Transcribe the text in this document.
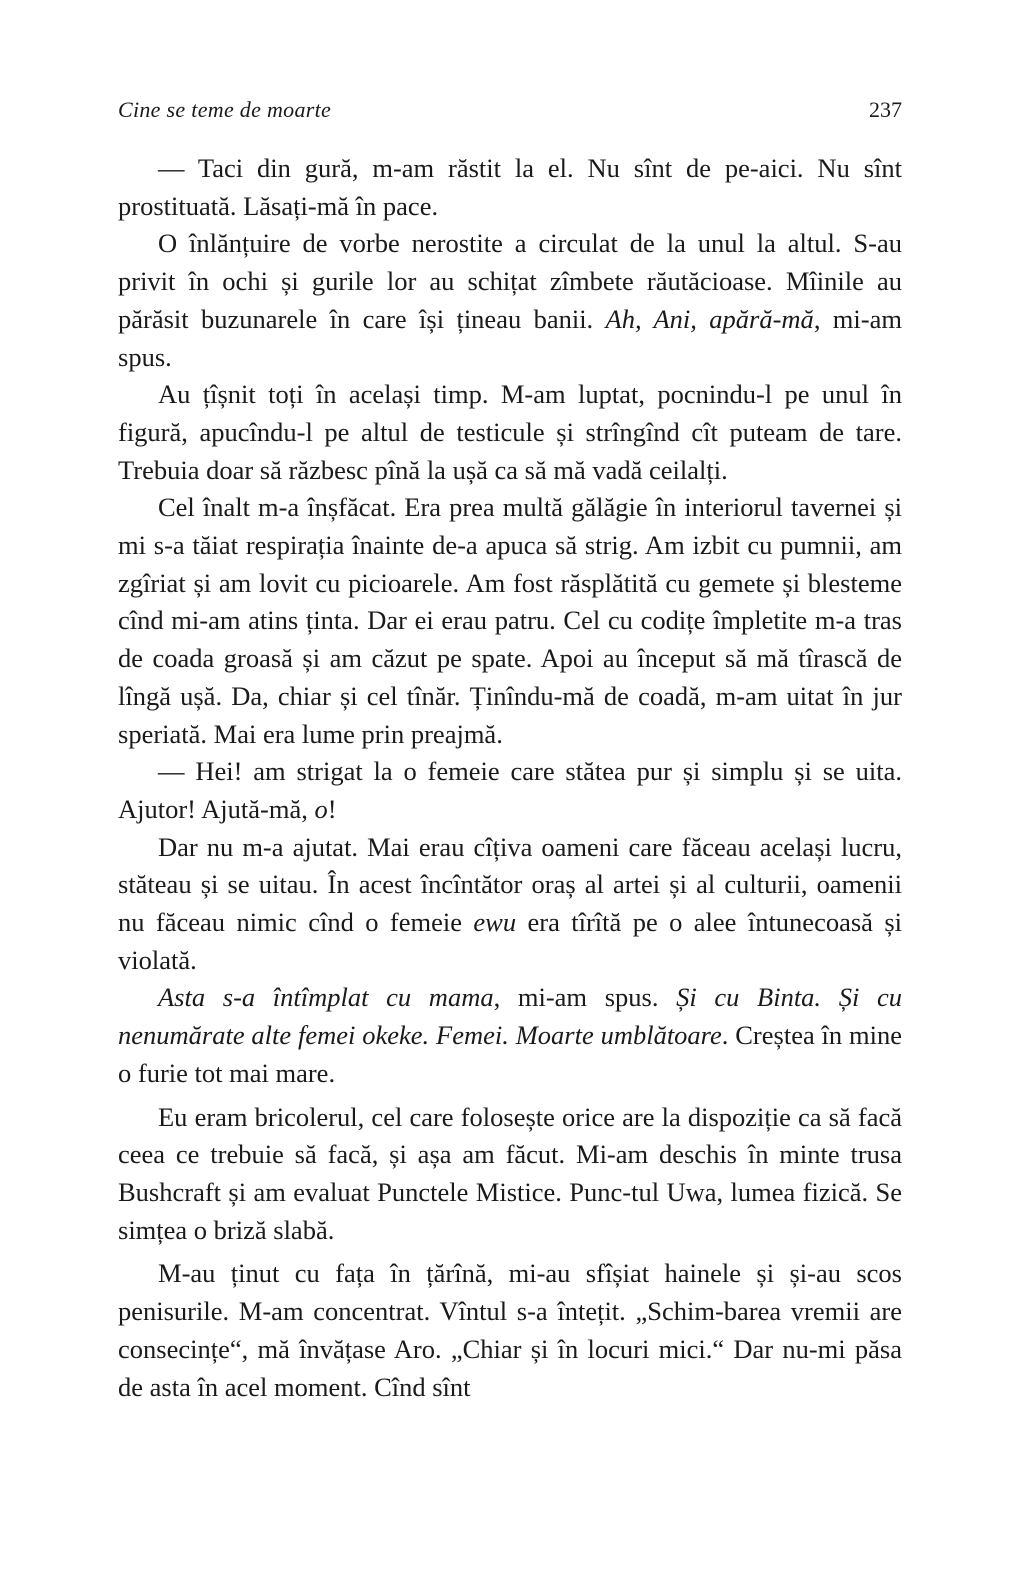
Cine se teme de moarte	237

— Taci din gură, m-am răstit la el. Nu sînt de pe-aici. Nu sînt prostituată. Lăsați-mă în pace.

O înlănțuire de vorbe nerostite a circulat de la unul la altul. S-au privit în ochi și gurile lor au schițat zîmbete răutăcioase. Mîinile au părăsit buzunarele în care își țineau banii. Ah, Ani, apără-mă, mi-am spus.

Au țîșnit toți în același timp. M-am luptat, pocnindu-l pe unul în figură, apucîndu-l pe altul de testicule și strîngînd cît puteam de tare. Trebuia doar să răzbesc pînă la ușă ca să mă vadă ceilalți.

Cel înalt m-a înșfăcat. Era prea multă gălăgie în interiorul tavernei și mi s-a tăiat respirația înainte de-a apuca să strig. Am izbit cu pumnii, am zgîriat și am lovit cu picioarele. Am fost răsplătită cu gemete și blesteme cînd mi-am atins ținta. Dar ei erau patru. Cel cu codițe împletite m-a tras de coada groasă și am căzut pe spate. Apoi au început să mă tîrască de lîngă ușă. Da, chiar și cel tînăr. Ținîndu-mă de coadă, m-am uitat în jur speriată. Mai era lume prin preajmă.

— Hei! am strigat la o femeie care stătea pur și simplu și se uita. Ajutor! Ajută-mă, o!

Dar nu m-a ajutat. Mai erau cîțiva oameni care făceau același lucru, stăteau și se uitau. În acest încîntător oraș al artei și al culturii, oamenii nu făceau nimic cînd o femeie ewu era tîrîtă pe o alee întunecoasă și violată.

Asta s-a întîmplat cu mama, mi-am spus. Și cu Binta. Și cu nenumărate alte femei okeke. Femei. Moarte umblătoare. Creștea în mine o furie tot mai mare.

Eu eram bricolerul, cel care folosește orice are la dispoziție ca să facă ceea ce trebuie să facă, și așa am făcut. Mi-am deschis în minte trusa Bushcraft și am evaluat Punctele Mistice. Punc-tul Uwa, lumea fizică. Se simțea o briză slabă.

M-au ținut cu fața în țărînă, mi-au sfîșiat hainele și și-au scos penisurile. M-am concentrat. Vîntul s-a întețit. „Schim-barea vremii are consecințe“, mă învățase Aro. „Chiar și în locuri mici.“ Dar nu-mi păsa de asta în acel moment. Cînd sînt
